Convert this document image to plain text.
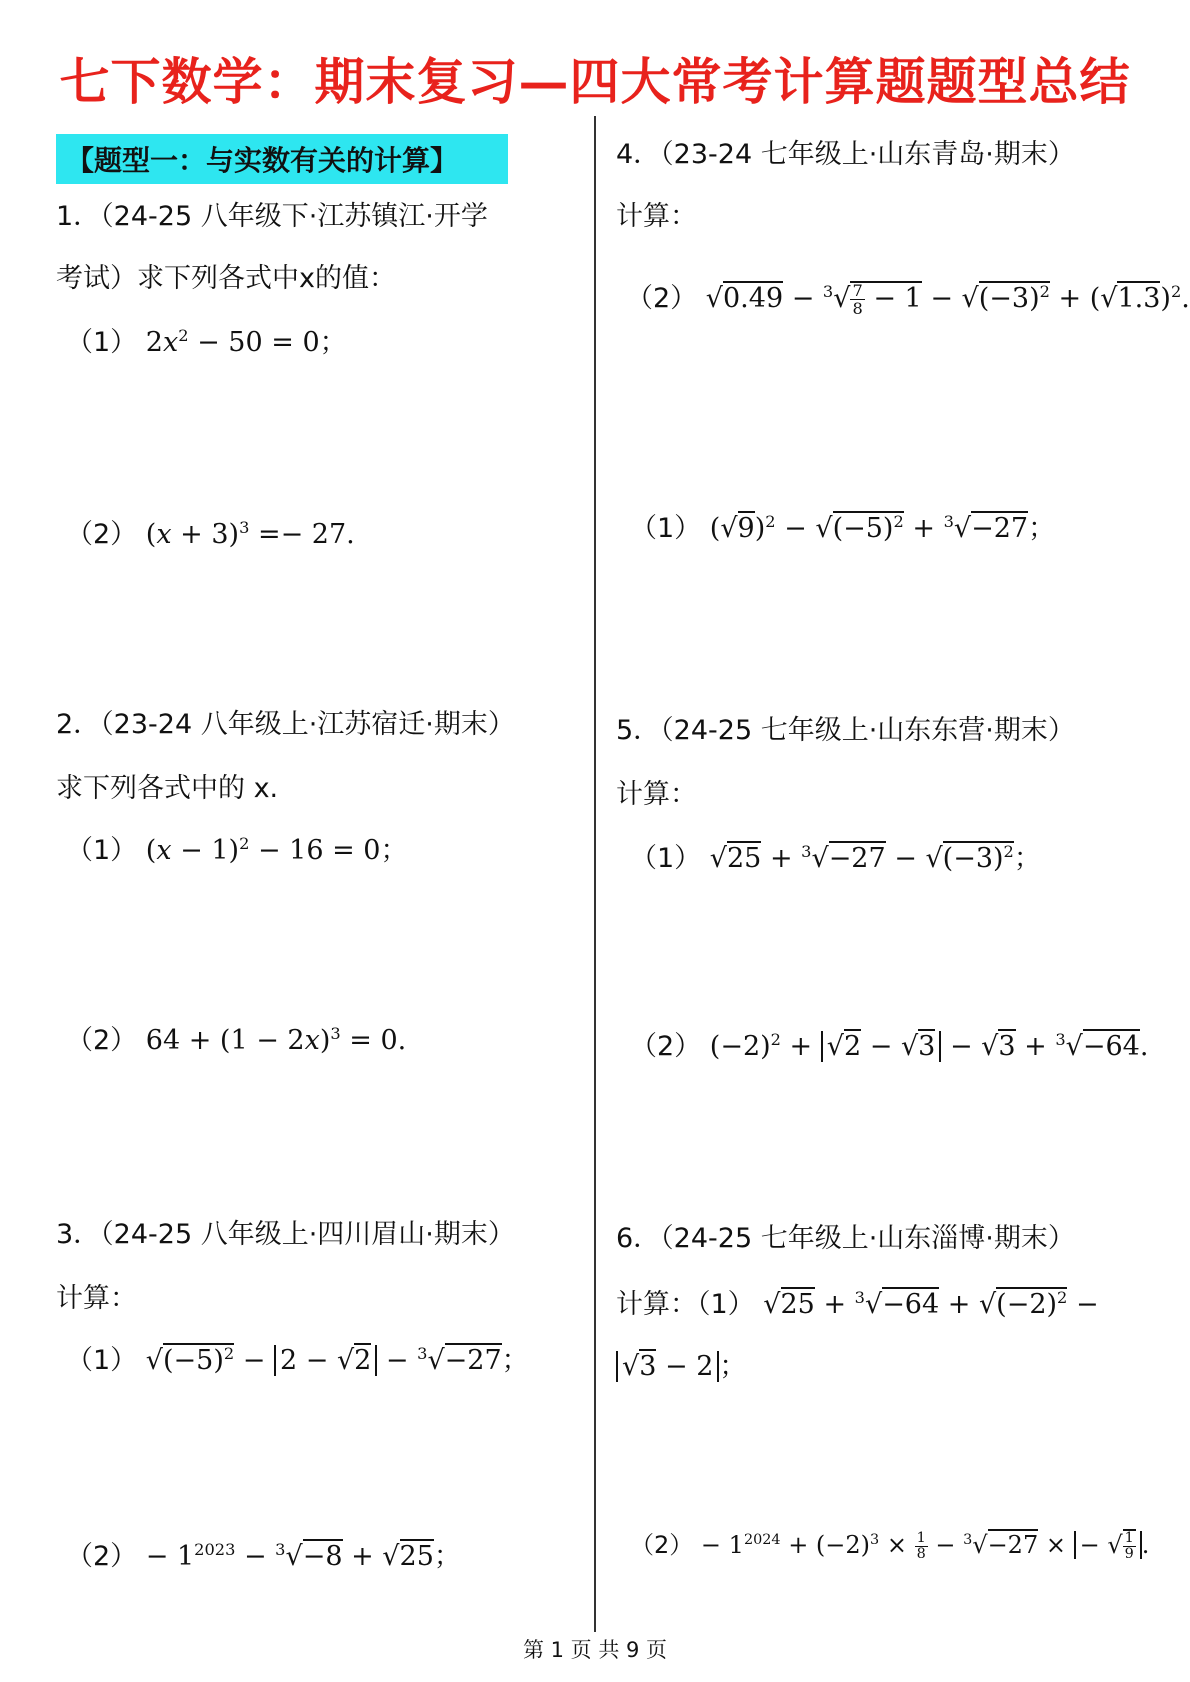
七下数学：期末复习—四大常考计算题题型总结
【题型一：与实数有关的计算】
1．（24-25 八年级下·江苏镇江·开学
考试）求下列各式中x的值：
（1） $2x^2 - 50 = 0$；
（2） $(x + 3)^3 =- 27$.
2．（23-24 八年级上·江苏宿迁·期末）
求下列各式中的 x.
（1） $(x - 1)^2 - 16 = 0$；
（2） $64 + (1 - 2x)^3 = 0$.
3．（24-25 八年级上·四川眉山·期末）
计算：
（1） $√(-5)^2 - 2 - √2 - ^3√-27$；
$(2) - 1^{2023} - ^3√-8 + √25$；
4．（23-24 七年级上·山东青岛·期末）
计算：
（2） $√0.49 - ^3√ \frac{7}{8} - 1 - √(-3)^2 + (√1.3)^2$.
（1） $(√9)^2 - √(-5)^2 + ^3√-27$；
5．（24-25 七年级上·山东东营·期末）
计算：
（1） $√25 + ^3√-27 - √(-3)^2$；
（2） $(-2)^2 + √2 - √3 - √3 + ^3√-64$.
6．（24-25 七年级上·山东淄博·期末）
计算：（1） $√25 + ^3√-64 + √(-2)^2$ −
√3 − 2 ；
$(2) - 1^{2024} + (-2)^3 \times \frac{1}{8} - ^3√-27$ × − √ $\frac{1}{9}$ .
第 1 页 共 9 页
